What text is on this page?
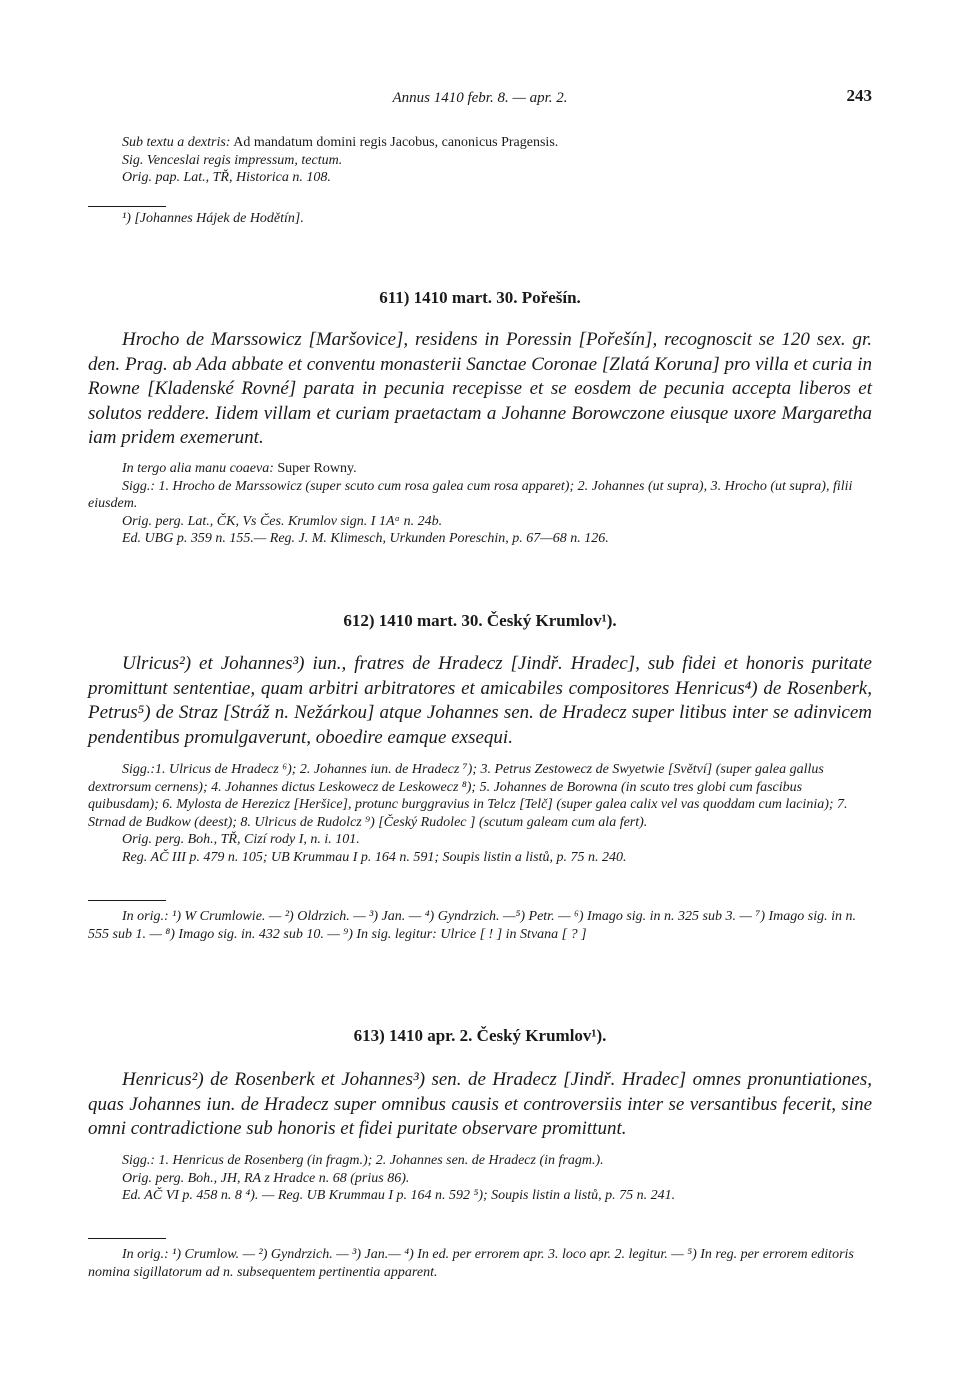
Annus 1410 febr. 8. — apr. 2.	243

Sub textu a dextris: Ad mandatum domini regis Jacobus, canonicus Pragensis.

Sig. Venceslai regis impressum, tectum.

Orig. pap. Lat., TŘ, Historica n. 108.

¹) [Johannes Hájek de Hodětín].

611) 1410 mart. 30. Pořešín.

Hrocho de Marssowicz [Maršovice], residens in Poressin [Pořešín], recognoscit se 120 sex. gr. den. Prag. ab Ada abbate et conventu monasterii Sanctae Coronae [Zlatá Koruna] pro villa et curia in Rowne [Kladenské Rovné] parata in pecunia recepisse et se eosdem de pecunia accepta liberos et solutos reddere. Iidem villam et curiam praetactam a Johanne Borowczone eiusque uxore Margaretha iam pridem exemerunt.

In tergo alia manu coaeva: Super Rowny.

Sigg.: 1. Hrocho de Marssowicz (super scuto cum rosa galea cum rosa apparet); 2. Johannes (ut supra), 3. Hrocho (ut supra), filii eiusdem.

Orig. perg. Lat., ČK, Vs Čes. Krumlov sign. I 1Aᵅ n. 24b.

Ed. UBG p. 359 n. 155.— Reg. J. M. Klimesch, Urkunden Poreschin, p. 67—68 n. 126.

612) 1410 mart. 30. Český Krumlov¹).

Ulricus²) et Johannes³) iun., fratres de Hradecz [Jindř. Hradec], sub fidei et honoris puritate promittunt sententiae, quam arbitri arbitratores et amicabiles compositores Henricus⁴) de Rosenberk, Petrus⁵) de Straz [Stráž n. Nežárkou] atque Johannes sen. de Hradecz super litibus inter se adinvicem pendentibus promulgaverunt, oboedire eamque exsequi.

Sigg.:1. Ulricus de Hradecz ⁶); 2. Johannes iun. de Hradecz ⁷); 3. Petrus Zestowecz de Swyetwie [Světví] (super galea gallus dextrorsum cernens); 4. Johannes dictus Leskowecz de Leskowecz ⁸); 5. Johannes de Borowna (in scuto tres globi cum fascibus quibusdam); 6. Mylosta de Herezicz [Heršice], protunc burggravius in Telcz [Telč] (super galea calix vel vas quoddam cum lacinia); 7. Strnad de Budkow (deest); 8. Ulricus de Rudolcz ⁹) [Český Rudolec ] (scutum galeam cum ala fert).

Orig. perg. Boh., TŘ, Cizí rody I, n. i. 101.

Reg. AČ III p. 479 n. 105; UB Krummau I p. 164 n. 591; Soupis listin a listů, p. 75 n. 240.

In orig.: ¹) W Crumlowie. — ²) Oldrzich. — ³) Jan. — ⁴) Gyndrzich. —⁵) Petr. — ⁶) Imago sig. in n. 325 sub 3. — ⁷) Imago sig. in n. 555 sub 1. — ⁸) Imago sig. in. 432 sub 10. — ⁹) In sig. legitur: Ulrice [ ! ] in Stvana [ ? ]

613) 1410 apr. 2. Český Krumlov¹).

Henricus²) de Rosenberk et Johannes³) sen. de Hradecz [Jindř. Hradec] omnes pronuntiationes, quas Johannes iun. de Hradecz super omnibus causis et controversiis inter se versantibus fecerit, sine omni contradictione sub honoris et fidei puritate observare promittunt.

Sigg.: 1. Henricus de Rosenberg (in fragm.); 2. Johannes sen. de Hradecz (in fragm.).

Orig. perg. Boh., JH, RA z Hradce n. 68 (prius 86).

Ed. AČ VI p. 458 n. 8 ⁴). — Reg. UB Krummau I p. 164 n. 592 ⁵); Soupis listin a listů, p. 75 n. 241.

In orig.: ¹) Crumlow. — ²) Gyndrzich. — ³) Jan.— ⁴) In ed. per errorem apr. 3. loco apr. 2. legitur. — ⁵) In reg. per errorem editoris nomina sigillatorum ad n. subsequentem pertinentia apparent.
